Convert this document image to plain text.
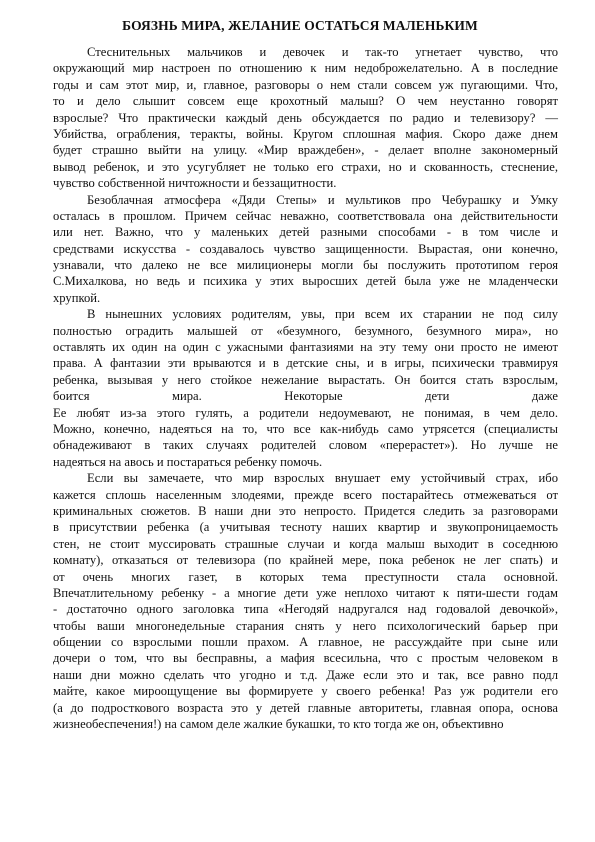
БОЯЗНЬ МИРА, ЖЕЛАНИЕ ОСТАТЬСЯ МАЛЕНЬКИМ

Стеснительных мальчиков и девочек и так-то угнетает чувство, что
окружающий мир настроен по отношению к ним недоброжелательно. А в последние
годы и сам этот мир, и, главное, разговоры о нем стали совсем уж пугающими. Что,
то и дело слышит совсем еще крохотный малыш? О чем неустанно говорят
взрослые? Что практически каждый день обсуждается по радио и телевизору? —
Убийства, ограбления, теракты, войны. Кругом сплошная мафия. Скоро даже днем
будет страшно выйти на улицу. «Мир враждебен», - делает вполне закономерный
вывод ребенок, и это усугубляет не только его страхи, но и скованность, стеснение,
чувство собственной ничтожности и беззащитности.

Безоблачная атмосфера «Дяди Степы» и мультиков про Чебурашку и Умку
осталась в прошлом. Причем сейчас неважно, соответствовала она действительности
или нет. Важно, что у маленьких детей разными способами - в том числе и
средствами искусства - создавалось чувство защищенности. Вырастая, они конечно,
узнавали, что далеко не все милиционеры могли бы послужить прототипом героя
С.Михалкова, но ведь и психика у этих выросших детей была уже не младенчески
хрупкой.

В нынешних условиях родителям, увы, при всем их старании не под силу
полностью оградить малышей от «безумного, безумного, безумного мира», но
оставлять их один на один с ужасными фантазиями на эту тему они просто не имеют
права. А фантазии эти врываются и в детские сны, и в игры, психически травмируя
ребенка, вызывая у него стойкое нежелание вырастать. Он боится стать взрослым,
боится мира. Некоторые дети даже
Ее любят из-за этого гулять, а родители недоумевают, не понимая, в чем дело.
Можно, конечно, надеяться на то, что все как-нибудь само утрясется (специалисты
обнадеживают в таких случаях родителей словом «перерастет»). Но лучше не
надеяться на авось и постараться ребенку помочь.

Если вы замечаете, что мир взрослых внушает ему устойчивый страх, ибо
кажется сплошь населенным злодеями, прежде всего постарайтесь отмежеваться от
криминальных сюжетов. В наши дни это непросто. Придется следить за разговорами
в присутствии ребенка (а учитывая тесноту наших квартир и звукопроницаемость
стен, не стоит муссировать страшные случаи и когда малыш выходит в соседнюю
комнату), отказаться от телевизора (по крайней мере, пока ребенок не лег спать) и
от очень многих газет, в которых тема преступности стала основной.
Впечатлительному ребенку - а многие дети уже неплохо читают к пяти-шести годам
- достаточно одного заголовка типа «Негодяй надругался над годовалой девочкой»,
чтобы ваши многонедельные старания снять у него психологический барьер при
общении со взрослыми пошли прахом. А главное, не рассуждайте при сыне или
дочери о том, что вы бесправны, а мафия всесильна, что с простым человеком в
наши дни можно сделать что угодно и т.д. Даже если это и так, все равно подл
майте, какое мироощущение вы формируете у своего ребенка! Раз уж родители его
(а до подросткового возраста это у детей главные авторитеты, главная опора, основа
жизнеобеспечения!) на самом деле жалкие букашки, то кто тогда же он, объективно
